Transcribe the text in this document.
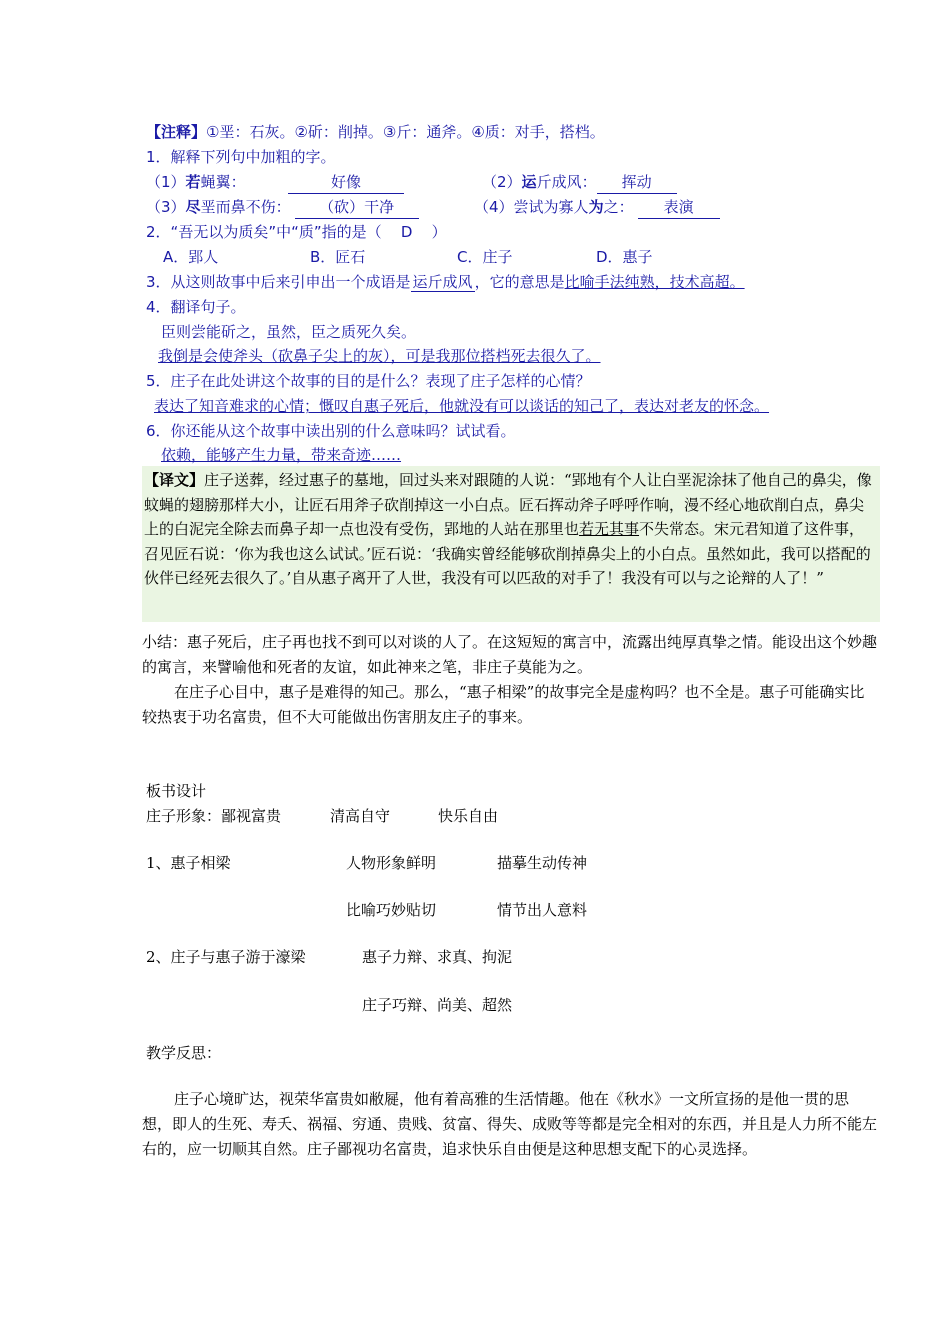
【注释】①垩：石灰。②斫：削掉。③斤：通斧。④质：对手，搭档。
1．解释下列句中加粗的字。
（1）若蝇翼：	好像	（2）运斤成风： 挥动
（3）尽垩而鼻不伤： （砍）干净	（4）尝试为寡人为之： 表演
2．“吾无以为质矣”中“质”指的是（ D ）
A．郢人	B．匠石	C．庄子	D．惠子
3．从这则故事中后来引申出一个成语是 运斤成风 ，它的意思是比喻手法纯熟，技术高超。
4．翻译句子。
臣则尝能斫之，虽然，臣之质死久矣。
我倒是会使斧头（砍鼻子尖上的灰），可是我那位搭档死去很久了。
5．庄子在此处讲这个故事的目的是什么？表现了庄子怎样的心情？
表达了知音难求的心情；慨叹自惠子死后，他就没有可以谈话的知己了，表达对老友的怀念。
6．你还能从这个故事中读出别的什么意味吗？试试看。
依赖，能够产生力量，带来奇迹……
【译文】庄子送葬，经过惠子的墓地，回过头来对跟随的人说：“郢地有个人让白垩泥涂抹了他自己的鼻尖，像蚊蝇的翅膀那样大小，让匠石用斧子砍削掉这一小白点。匠石挥动斧子呼呼作响，漫不经心地砍削白点，鼻尖上的白泥完全除去而鼻子却一点也没有受伤，郢地的人站在那里也若无其事不失常态。宋元君知道了这件事，召见匠石说：‘你为我也这么试试。’匠石说：‘我确实曾经能够砍削掉鼻尖上的小白点。虽然如此，我可以搭配的伙伴已经死去很久了。’自从惠子离开了人世，我没有可以匹敌的对手了！我没有可以与之论辩的人了！”
小结：惠子死后，庄子再也找不到可以对谈的人了。在这短短的寓言中，流露出纯厚真挚之情。能设出这个妙趣的寓言，来譬喻他和死者的友谊，如此神来之笔，非庄子莫能为之。
在庄子心目中，惠子是难得的知己。那么，“惠子相梁”的故事完全是虚构吗？也不全是。惠子可能确实比较热衷于功名富贵，但不大可能做出伤害朋友庄子的事来。
板书设计
庄子形象：鄙视富贵	清高自守	快乐自由
1、惠子相梁	人物形象鲜明	描摹生动传神
比喻巧妙贴切	情节出人意料
2、庄子与惠子游于濠梁	惠子力辩、求真、拘泥
庄子巧辩、尚美、超然
教学反思：
庄子心境旷达，视荣华富贵如敝屣，他有着高雅的生活情趣。他在《秋水》一文所宣扬的是他一贯的思想，即人的生死、寿夭、祸福、穷通、贵贱、贫富、得失、成败等等都是完全相对的东西，并且是人力所不能左右的，应一切顺其自然。庄子鄙视功名富贵，追求快乐自由便是这种思想支配下的心灵选择。
